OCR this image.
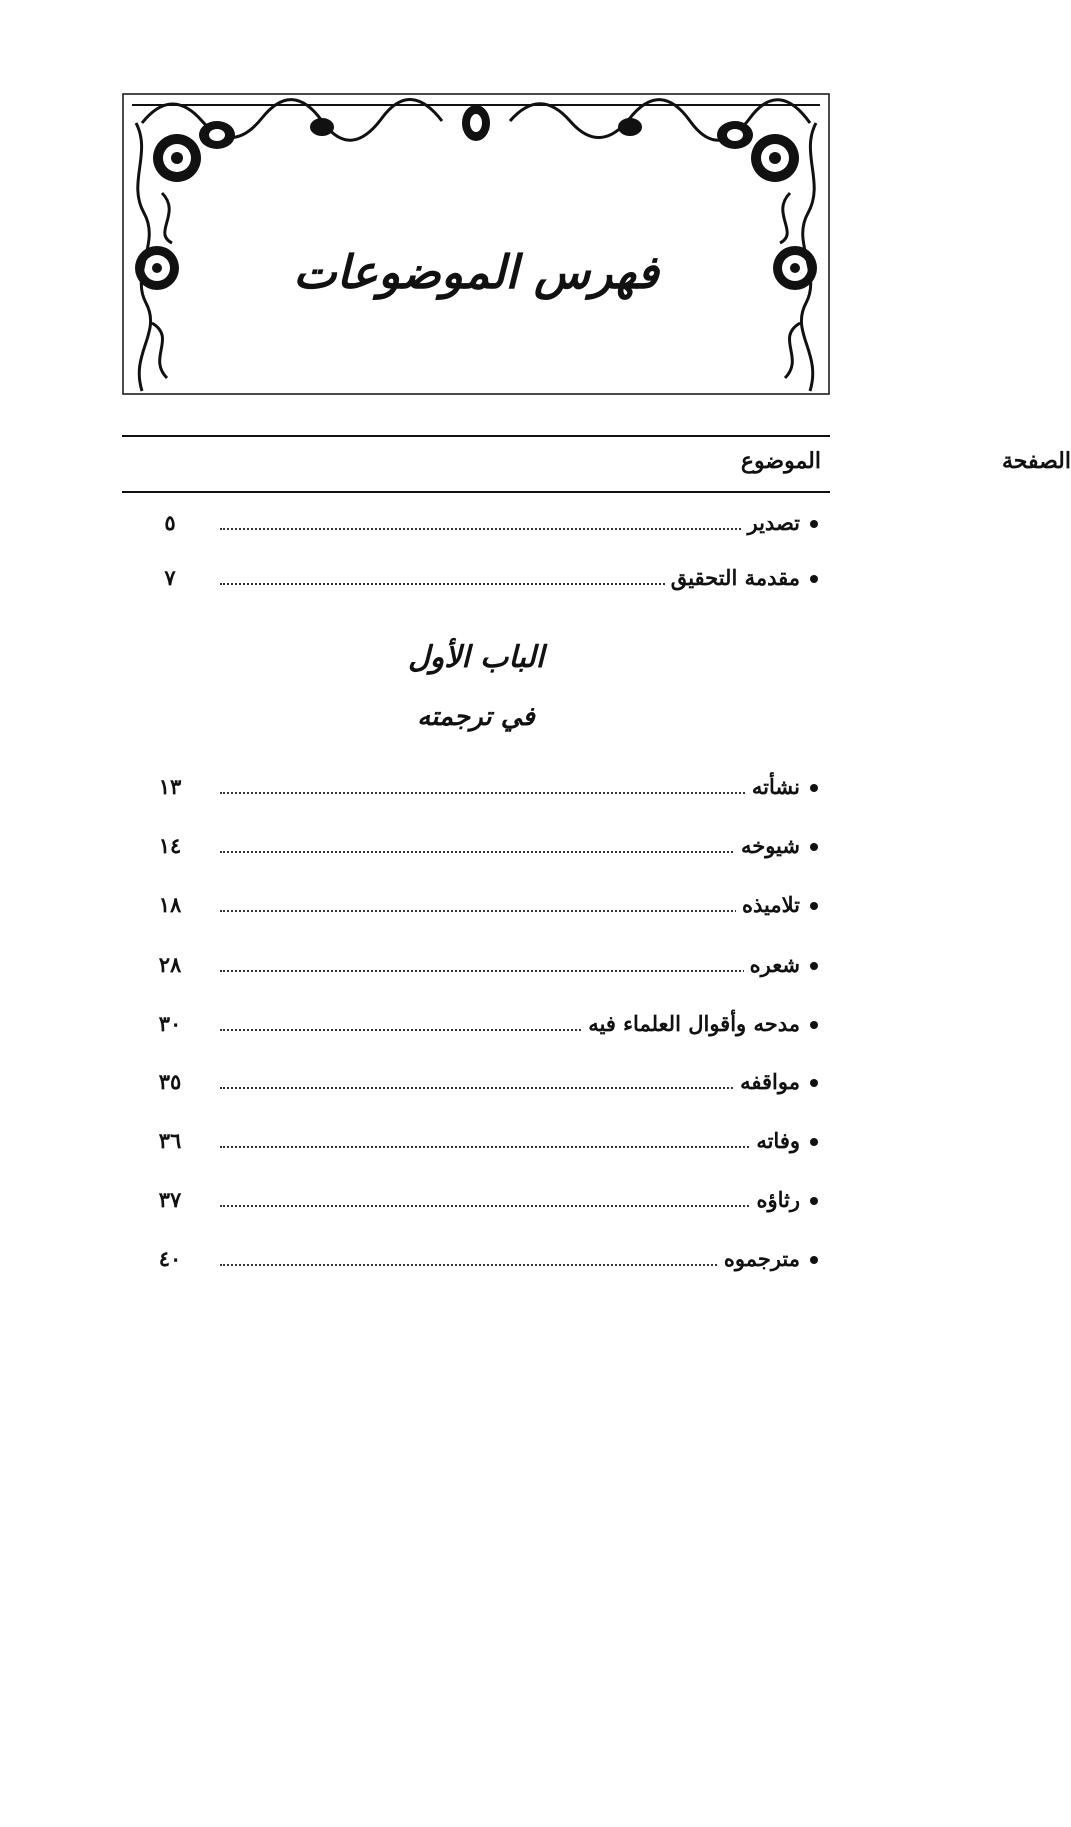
فهرس الموضوعات
الموضوع	الصفحة
تصدير
٥
مقدمة التحقيق
٧
الباب الأول
في ترجمته
نشأته
١٣
شيوخه
١٤
تلاميذه
١٨
شعره
٢٨
مدحه وأقوال العلماء فيه
٣٠
مواقفه
٣٥
وفاته
٣٦
رثاؤه
٣٧
مترجموه
٤٠
